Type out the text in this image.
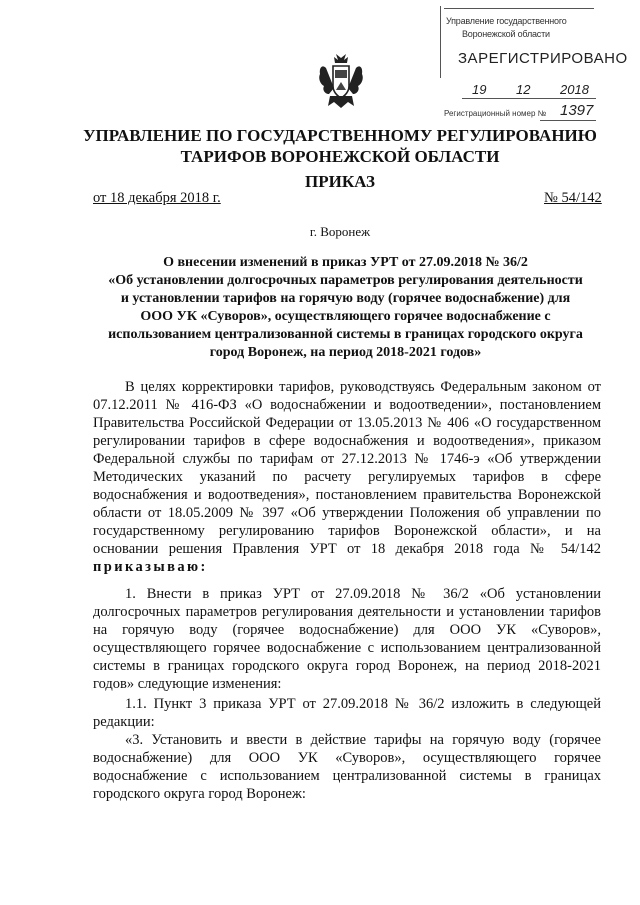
Управление государственного
Воронежской области
ЗАРЕГИСТРИРОВАНО
19 12 2018
Регистрационный номер № 1397
УПРАВЛЕНИЕ ПО ГОСУДАРСТВЕННОМУ РЕГУЛИРОВАНИЮ
ТАРИФОВ ВОРОНЕЖСКОЙ ОБЛАСТИ
ПРИКАЗ
от 18 декабря 2018 г.	№ 54/142
г. Воронеж
О внесении изменений в приказ УРТ от 27.09.2018 № 36/2
«Об установлении долгосрочных параметров регулирования деятельности
и установлении тарифов на горячую воду (горячее водоснабжение) для
ООО УК «Суворов», осуществляющего горячее водоснабжение с
использованием централизованной системы в границах городского округа
город Воронеж, на период 2018-2021 годов»

В целях корректировки тарифов, руководствуясь Федеральным законом от 07.12.2011 № 416-ФЗ «О водоснабжении и водоотведении», постановлением Правительства Российской Федерации от 13.05.2013 № 406 «О государственном регулировании тарифов в сфере водоснабжения и водоотведения», приказом Федеральной службы по тарифам от 27.12.2013 № 1746-э «Об утверждении Методических указаний по расчету регулируемых тарифов в сфере водоснабжения и водоотведения», постановлением правительства Воронежской области от 18.05.2009 № 397 «Об утверждении Положения об управлении по государственному регулированию тарифов Воронежской области», и на основании решения Правления УРТ от 18 декабря 2018 года № 54/142 приказываю:

1. Внести в приказ УРТ от 27.09.2018 № 36/2 «Об установлении долгосрочных параметров регулирования деятельности и установлении тарифов на горячую воду (горячее водоснабжение) для ООО УК «Суворов», осуществляющего горячее водоснабжение с использованием централизованной системы в границах городского округа город Воронеж, на период 2018-2021 годов» следующие изменения:

1.1. Пункт 3 приказа УРТ от 27.09.2018 № 36/2 изложить в следующей редакции:

«3. Установить и ввести в действие тарифы на горячую воду (горячее водоснабжение) для ООО УК «Суворов», осуществляющего горячее водоснабжение с использованием централизованной системы в границах городского округа город Воронеж:
